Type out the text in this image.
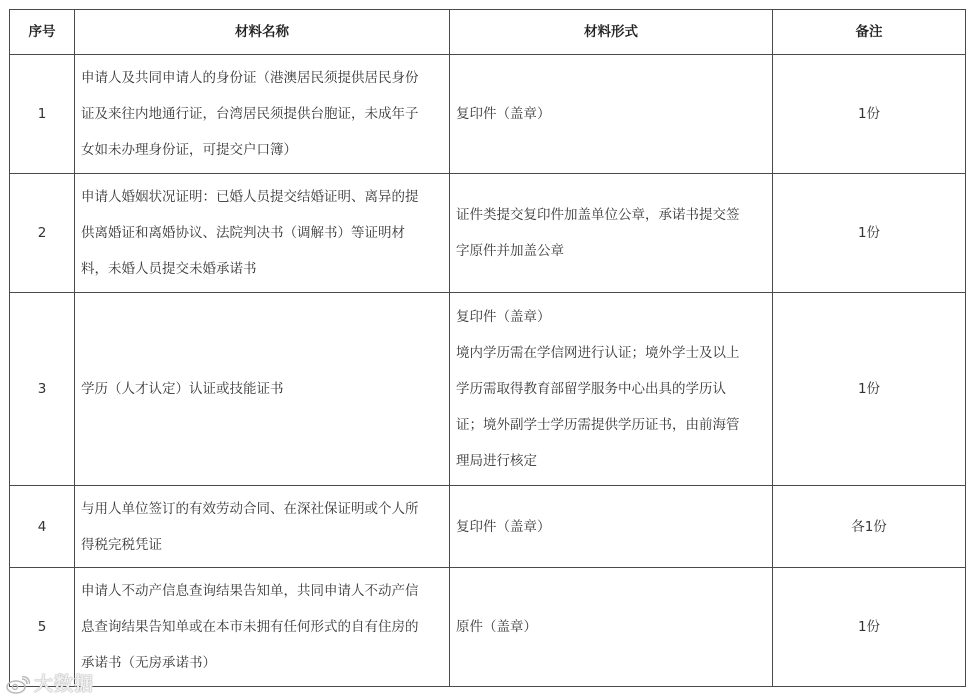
序号	材料名称	材料形式	备注
1	申请人及共同申请人的身份证（港澳居民须提供居民身份
证及来往内地通行证，台湾居民须提供台胞证，未成年子
女如未办理身份证，可提交户口簿）	复印件（盖章）	1份
2	申请人婚姻状况证明：已婚人员提交结婚证明、离异的提
供离婚证和离婚协议、法院判决书（调解书）等证明材
料，未婚人员提交未婚承诺书	证件类提交复印件加盖单位公章，承诺书提交签
字原件并加盖公章	1份
3	学历（人才认定）认证或技能证书	复印件（盖章）
境内学历需在学信网进行认证；境外学士及以上
学历需取得教育部留学服务中心出具的学历认
证；境外副学士学历需提供学历证书，由前海管
理局进行核定	1份
4	与用人单位签订的有效劳动合同、在深社保证明或个人所
得税完税凭证	复印件（盖章）	各1份
5	申请人不动产信息查询结果告知单，共同申请人不动产信
息查询结果告知单或在本市未拥有任何形式的自有住房的
承诺书（无房承诺书）	原件（盖章）	1份
大数据
